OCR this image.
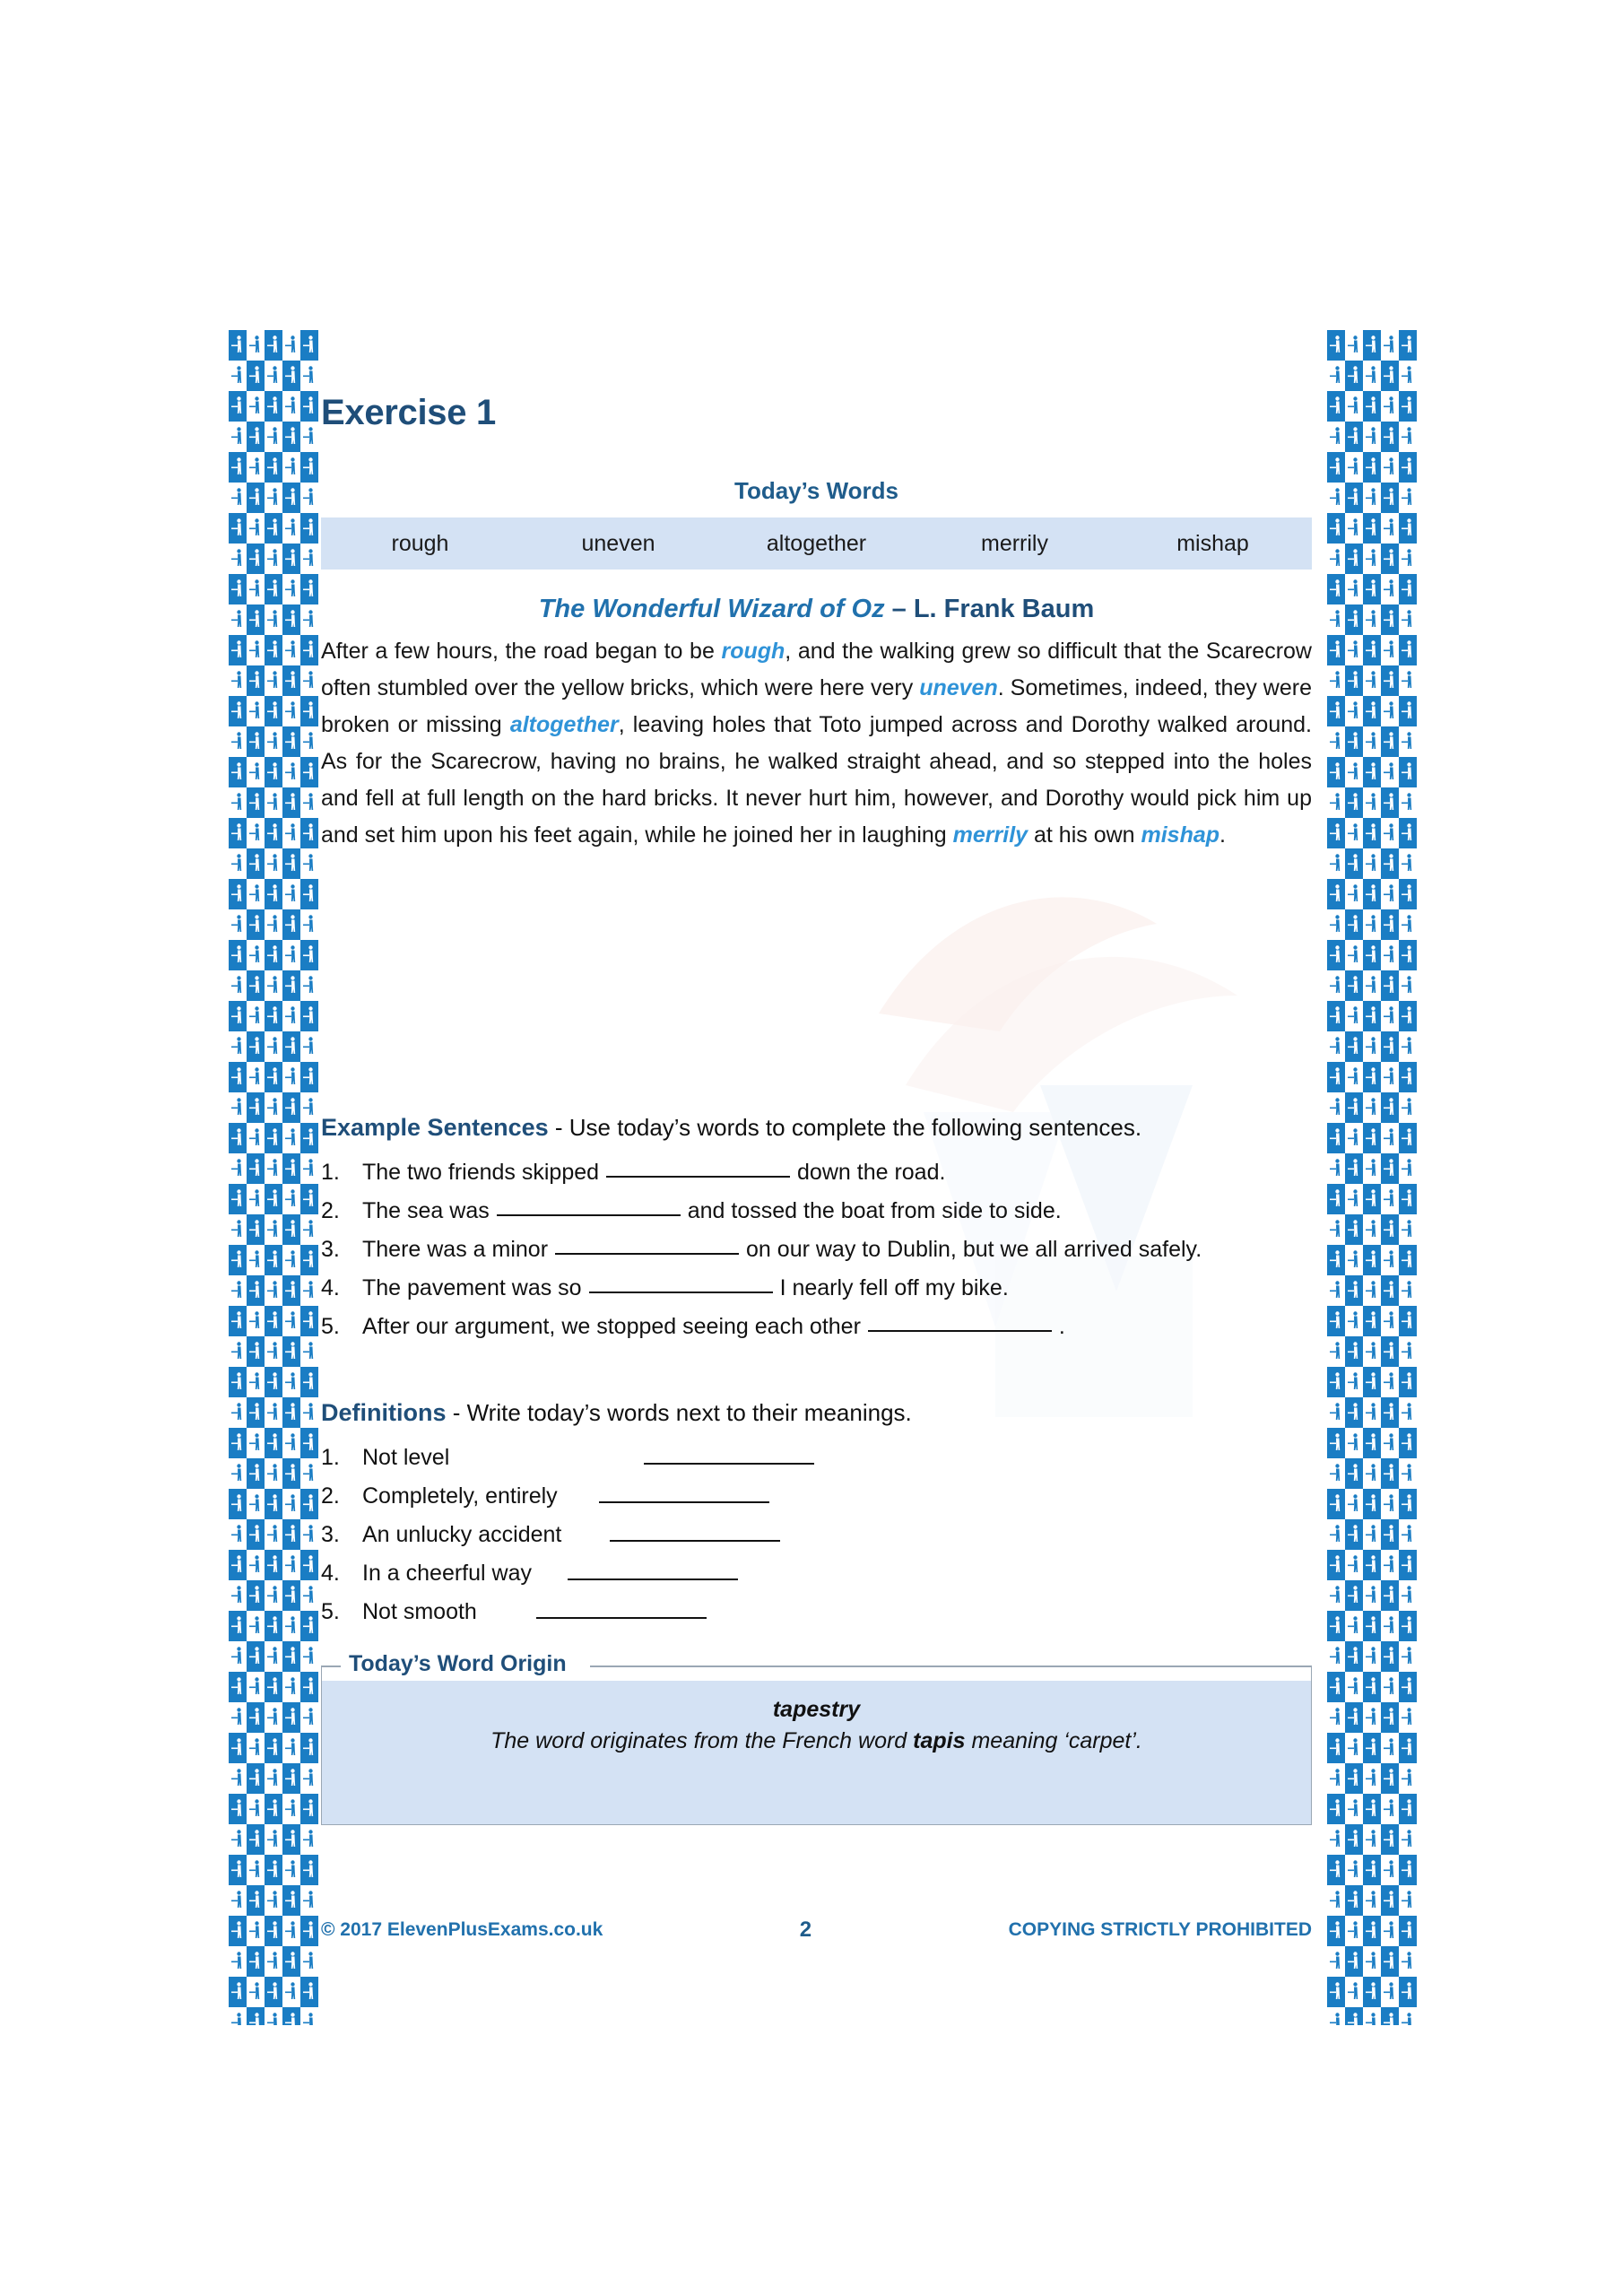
Exercise 1
Today’s Words
rough	uneven	altogether	merrily	mishap
The Wonderful Wizard of Oz – L. Frank Baum
After a few hours, the road began to be rough, and the walking grew so difficult that the Scarecrow often stumbled over the yellow bricks, which were here very uneven. Sometimes, indeed, they were broken or missing altogether, leaving holes that Toto jumped across and Dorothy walked around. As for the Scarecrow, having no brains, he walked straight ahead, and so stepped into the holes and fell at full length on the hard bricks. It never hurt him, however, and Dorothy would pick him up and set him upon his feet again, while he joined her in laughing merrily at his own mishap.
Example Sentences - Use today’s words to complete the following sentences.
1.	The two friends skipped	down the road.
2.	The sea was	and tossed the boat from side to side.
3.	There was a minor	on our way to Dublin, but we all arrived safely.
4.	The pavement was so	I nearly fell off my bike.
5.	After our argument, we stopped seeing each other	.
Definitions - Write today’s words next to their meanings.
1.	Not level
2.	Completely, entirely
3.	An unlucky accident
4.	In a cheerful way
5.	Not smooth
Today’s Word Origin
tapestry
The word originates from the French word tapis meaning ‘carpet’.
© 2017 ElevenPlusExams.co.uk	2	COPYING STRICTLY PROHIBITED
